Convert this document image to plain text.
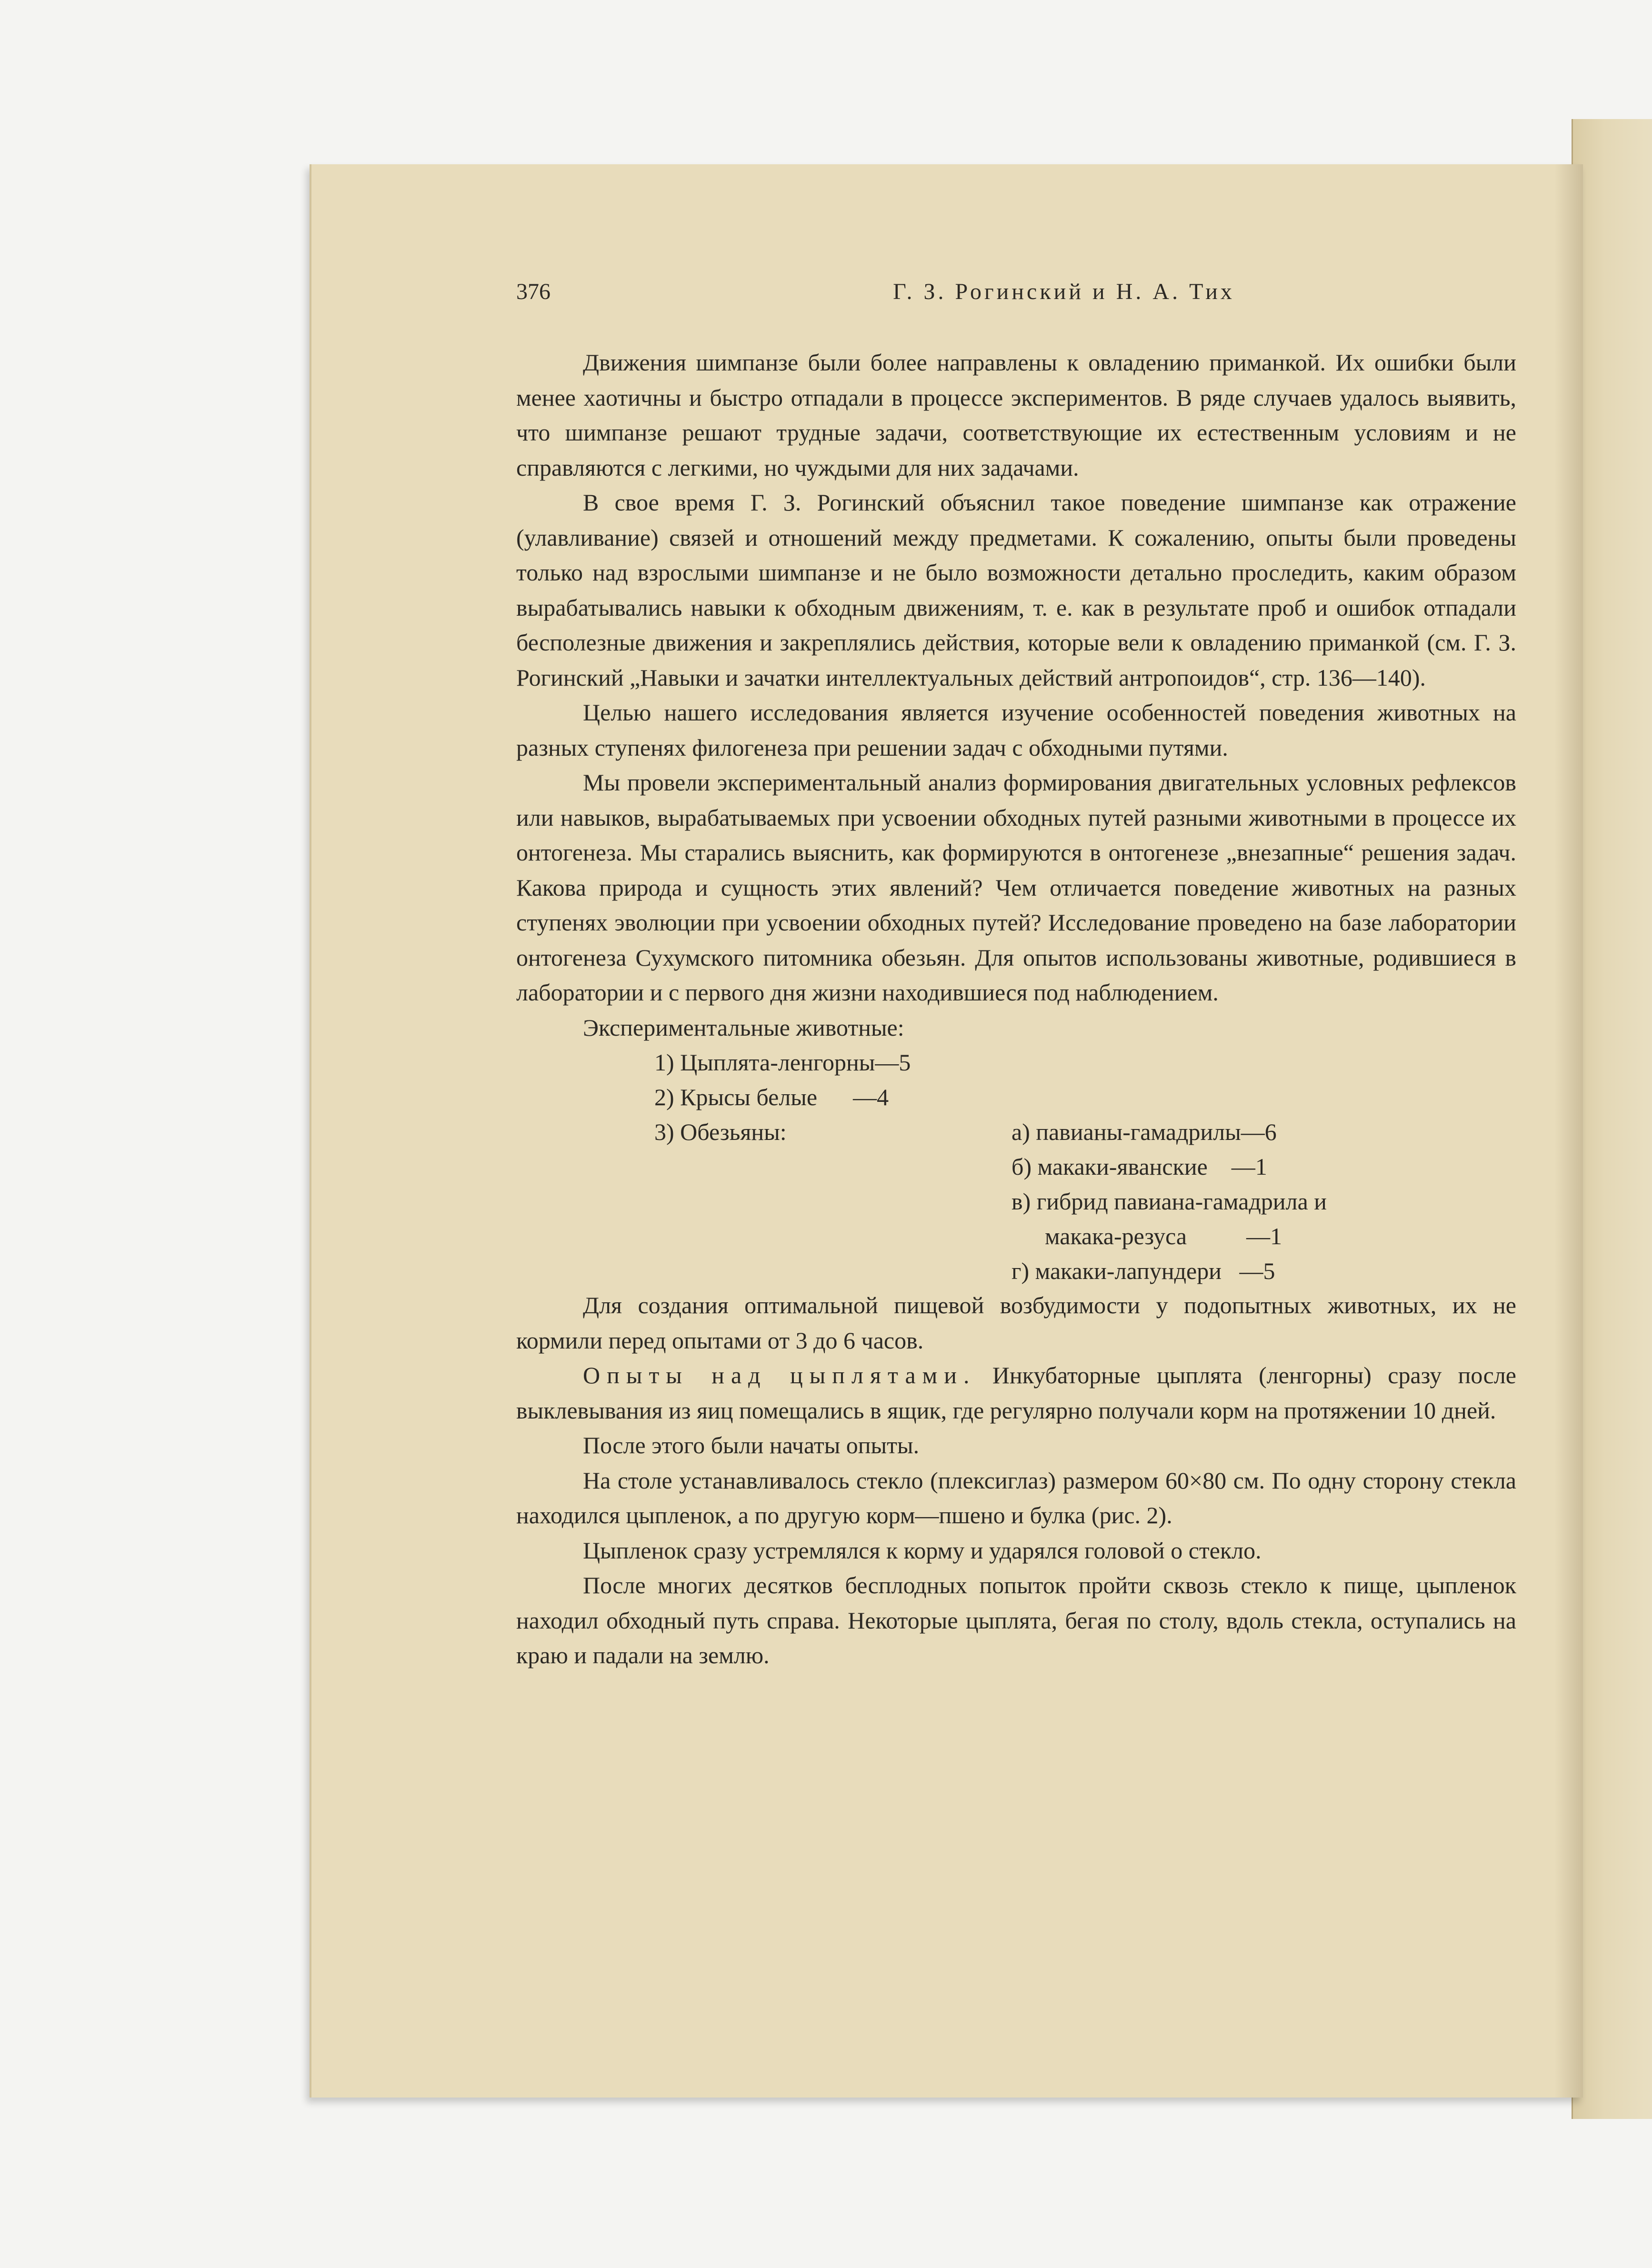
376	Г. З. Рогинский и Н. А. Тих

Движения шимпанзе были более направлены к овладению приманкой. Их ошибки были менее хаотичны и быстро отпадали в процессе экспериментов. В ряде случаев удалось выявить, что шимпанзе решают трудные задачи, соответствующие их естественным условиям и не справляются с легкими, но чуждыми для них задачами.

В свое время Г. З. Рогинский объяснил такое поведение шимпанзе как отражение (улавливание) связей и отношений между предметами. К сожалению, опыты были проведены только над взрослыми шимпанзе и не было возможности детально проследить, каким образом вырабатывались навыки к обходным движениям, т. е. как в результате проб и ошибок отпадали бесполезные движения и закреплялись действия, которые вели к овладению приманкой (см. Г. З. Рогинский „Навыки и зачатки интеллектуальных действий антропоидов“, стр. 136—140).

Целью нашего исследования является изучение особенностей поведения животных на разных ступенях филогенеза при решении задач с обходными путями.

Мы провели экспериментальный анализ формирования двигательных условных рефлексов или навыков, вырабатываемых при усвоении обходных путей разными животными в процессе их онтогенеза. Мы старались выяснить, как формируются в онтогенезе „внезапные“ решения задач. Какова природа и сущность этих явлений? Чем отличается поведение животных на разных ступенях эволюции при усвоении обходных путей? Исследование проведено на базе лаборатории онтогенеза Сухумского питомника обезьян. Для опытов использованы животные, родившиеся в лаборатории и с первого дня жизни находившиеся под наблюдением.

Экспериментальные животные:

1) Цыплята-ленгорны—5
2) Крысы белые      —4
3) Обезьяны:	а) павианы-гамадрилы—6
б) макаки-яванские    —1
в) гибрид павиана-гамадрила и
макака-резуса          —1
г) макаки-лапундери   —5

Для создания оптимальной пищевой возбудимости у подопытных животных, их не кормили перед опытами от 3 до 6 часов.

Опыты над цыплятами. Инкубаторные цыплята (ленгорны) сразу после выклевывания из яиц помещались в ящик, где регулярно получали корм на протяжении 10 дней.

После этого были начаты опыты.

На столе устанавливалось стекло (плексиглаз) размером 60×80 см. По одну сторону стекла находился цыпленок, а по другую корм—пшено и булка (рис. 2).

Цыпленок сразу устремлялся к корму и ударялся головой о стекло.

После многих десятков бесплодных попыток пройти сквозь стекло к пище, цыпленок находил обходный путь справа. Некоторые цыплята, бегая по столу, вдоль стекла, оступались на краю и падали на землю.
